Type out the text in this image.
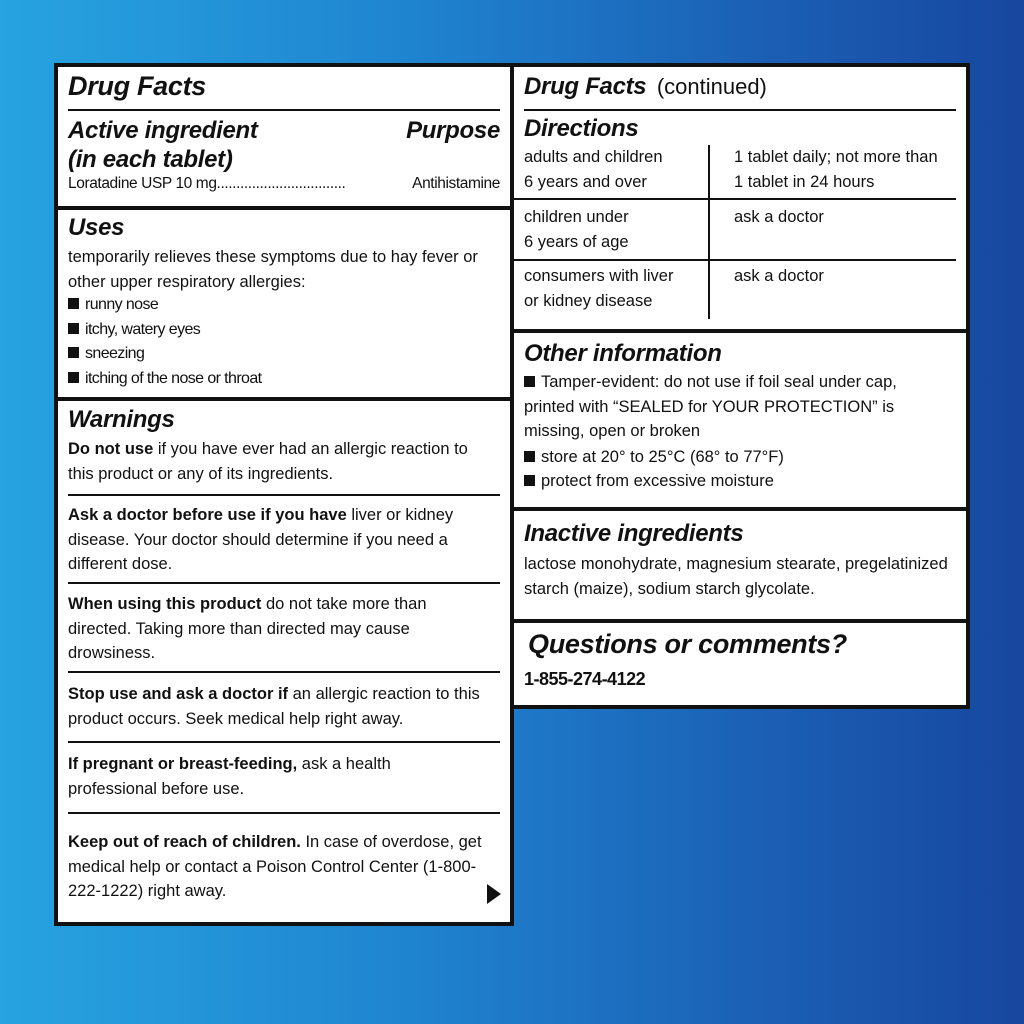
Drug Facts
Active ingredient
(in each tablet)
Purpose
Loratadine USP 10 mg.................................	Antihistamine
Uses
temporarily relieves these symptoms due to hay fever or other upper respiratory allergies:
runny nose
itchy, watery eyes
sneezing
itching of the nose or throat
Warnings
Do not use if you have ever had an allergic reaction to this product or any of its ingredients.
Ask a doctor before use if you have liver or kidney disease. Your doctor should determine if you need a different dose.
When using this product do not take more than directed. Taking more than directed may cause drowsiness.
Stop use and ask a doctor if an allergic reaction to this product occurs. Seek medical help right away.
If pregnant or breast-feeding, ask a health professional before use.
Keep out of reach of children. In case of overdose, get medical help or contact a Poison Control Center (1-800-222-1222) right away.
Drug Facts (continued)
Directions
adults and children
6 years and over
1 tablet daily; not more than
1 tablet in 24 hours
children under
6 years of age
ask a doctor
consumers with liver
or kidney disease
ask a doctor
Other information
Tamper-evident: do not use if foil seal under cap, printed with “SEALED for YOUR PROTECTION” is missing, open or broken
store at 20° to 25°C (68° to 77°F)
protect from excessive moisture
Inactive ingredients
lactose monohydrate, magnesium stearate, pregelatinized starch (maize), sodium starch glycolate.
Questions or comments?
1-855-274-4122
